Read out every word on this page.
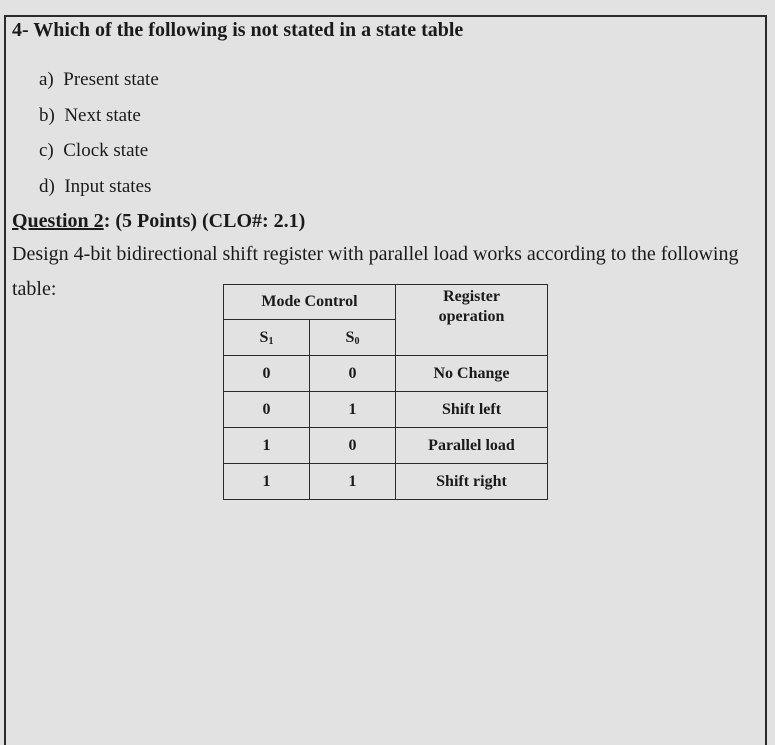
4- Which of the following is not stated in a state table
a) Present state
b) Next state
c) Clock state
d) Input states
Question 2: (5 Points) (CLO#: 2.1)
Design 4-bit bidirectional shift register with parallel load works according to the following table:
Mode Control		Register
operation
$S_1$	$S_0$
0	0	No Change
0	1	Shift left
1	0	Parallel load
1	1	Shift right
